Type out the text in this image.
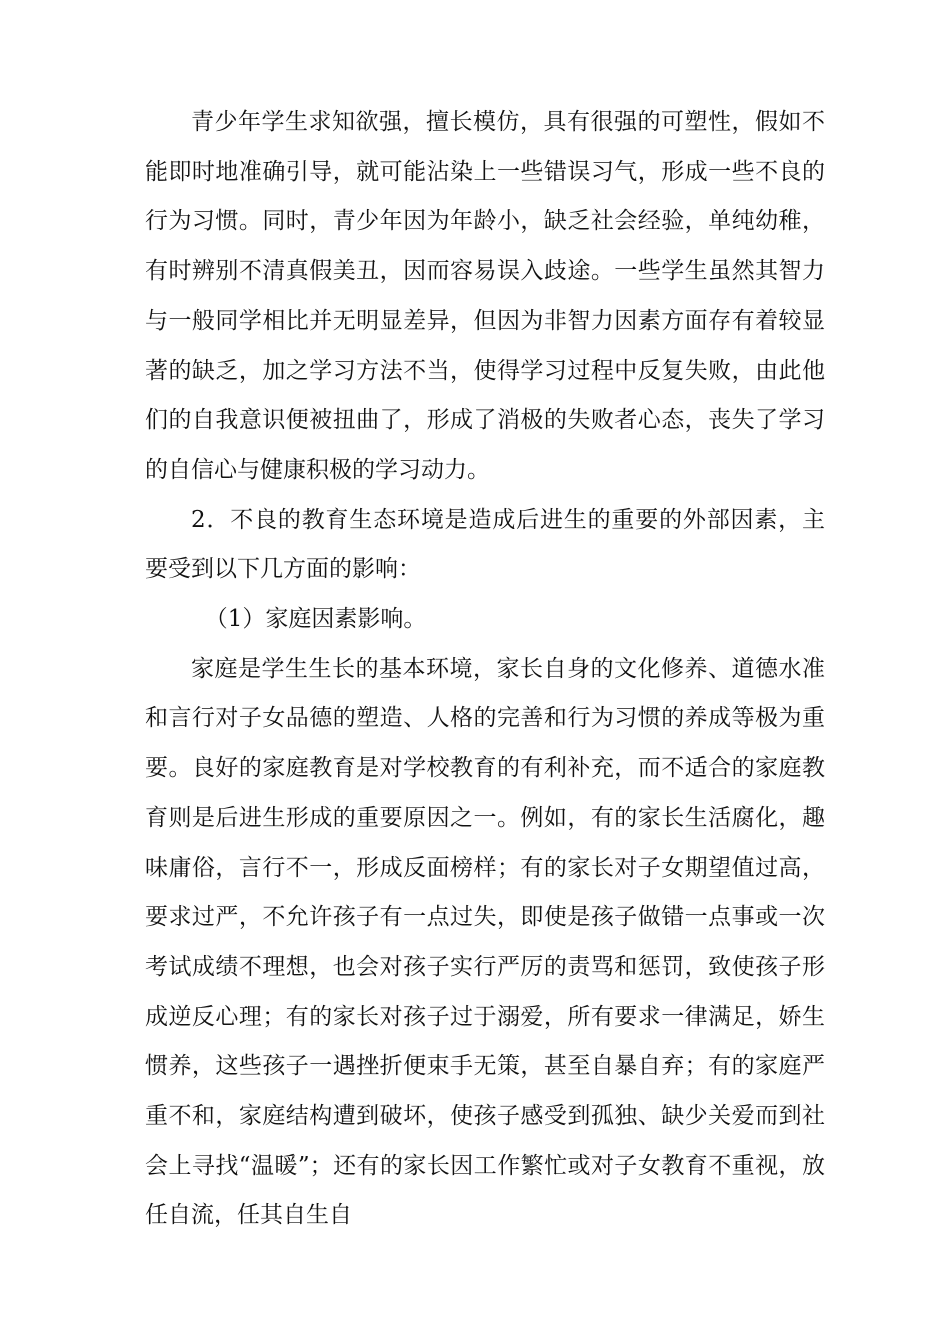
青少年学生求知欲强，擅长模仿，具有很强的可塑性，假如不能即时地准确引导，就可能沾染上一些错误习气，形成一些不良的行为习惯。同时，青少年因为年龄小，缺乏社会经验，单纯幼稚，有时辨别不清真假美丑，因而容易误入歧途。一些学生虽然其智力与一般同学相比并无明显差异，但因为非智力因素方面存有着较显著的缺乏，加之学习方法不当，使得学习过程中反复失败，由此他们的自我意识便被扭曲了，形成了消极的失败者心态，丧失了学习的自信心与健康积极的学习动力。

2．不良的教育生态环境是造成后进生的重要的外部因素，主要受到以下几方面的影响：

（1）家庭因素影响。

家庭是学生生长的基本环境，家长自身的文化修养、道德水准和言行对子女品德的塑造、人格的完善和行为习惯的养成等极为重要。良好的家庭教育是对学校教育的有利补充，而不适合的家庭教育则是后进生形成的重要原因之一。例如，有的家长生活腐化，趣味庸俗，言行不一，形成反面榜样；有的家长对子女期望值过高，要求过严，不允许孩子有一点过失，即使是孩子做错一点事或一次考试成绩不理想，也会对孩子实行严厉的责骂和惩罚，致使孩子形成逆反心理；有的家长对孩子过于溺爱，所有要求一律满足，娇生惯养，这些孩子一遇挫折便束手无策，甚至自暴自弃；有的家庭严重不和，家庭结构遭到破坏，使孩子感受到孤独、缺少关爱而到社会上寻找“温暖”；还有的家长因工作繁忙或对子女教育不重视，放任自流，任其自生自
